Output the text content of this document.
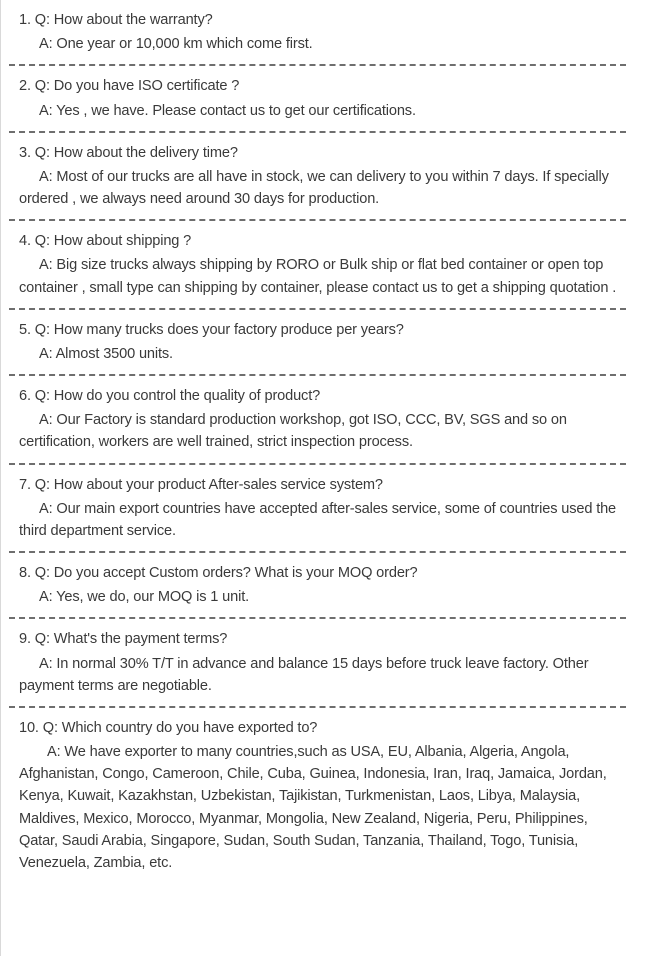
1. Q: How about the warranty?
A: One year or 10,000 km which come first.
2. Q: Do you have ISO certificate ?
A: Yes , we have. Please contact us to get our certifications.
3. Q: How about the delivery time?
A: Most of our trucks are all have in stock, we can delivery to you within 7 days. If specially ordered , we always need around 30 days for production.
4. Q: How about shipping ?
A: Big size trucks always shipping by RORO or Bulk ship or flat bed container or open top container , small type can shipping by container, please contact us to get a shipping quotation .
5. Q: How many trucks does your factory produce per years?
A: Almost 3500 units.
6. Q: How do you control the quality of product?
A: Our Factory is standard production workshop, got ISO, CCC, BV, SGS and so on certification, workers are well trained, strict inspection process.
7. Q: How about your product After-sales service system?
A: Our main export countries have accepted after-sales service, some of countries used the third department service.
8. Q: Do you accept Custom orders? What is your MOQ order?
A: Yes, we do, our MOQ is 1 unit.
9. Q: What's the payment terms?
A: In normal 30% T/T in advance and balance 15 days before truck leave factory. Other payment terms are negotiable.
10. Q: Which country do you have exported to?
A: We have exporter to many countries,such as USA, EU, Albania, Algeria, Angola, Afghanistan, Congo, Cameroon, Chile, Cuba, Guinea, Indonesia, Iran, Iraq, Jamaica, Jordan, Kenya, Kuwait, Kazakhstan, Uzbekistan, Tajikistan, Turkmenistan, Laos, Libya, Malaysia, Maldives, Mexico, Morocco, Myanmar, Mongolia, New Zealand, Nigeria, Peru, Philippines, Qatar, Saudi Arabia, Singapore, Sudan, South Sudan, Tanzania, Thailand, Togo, Tunisia, Venezuela, Zambia, etc.
